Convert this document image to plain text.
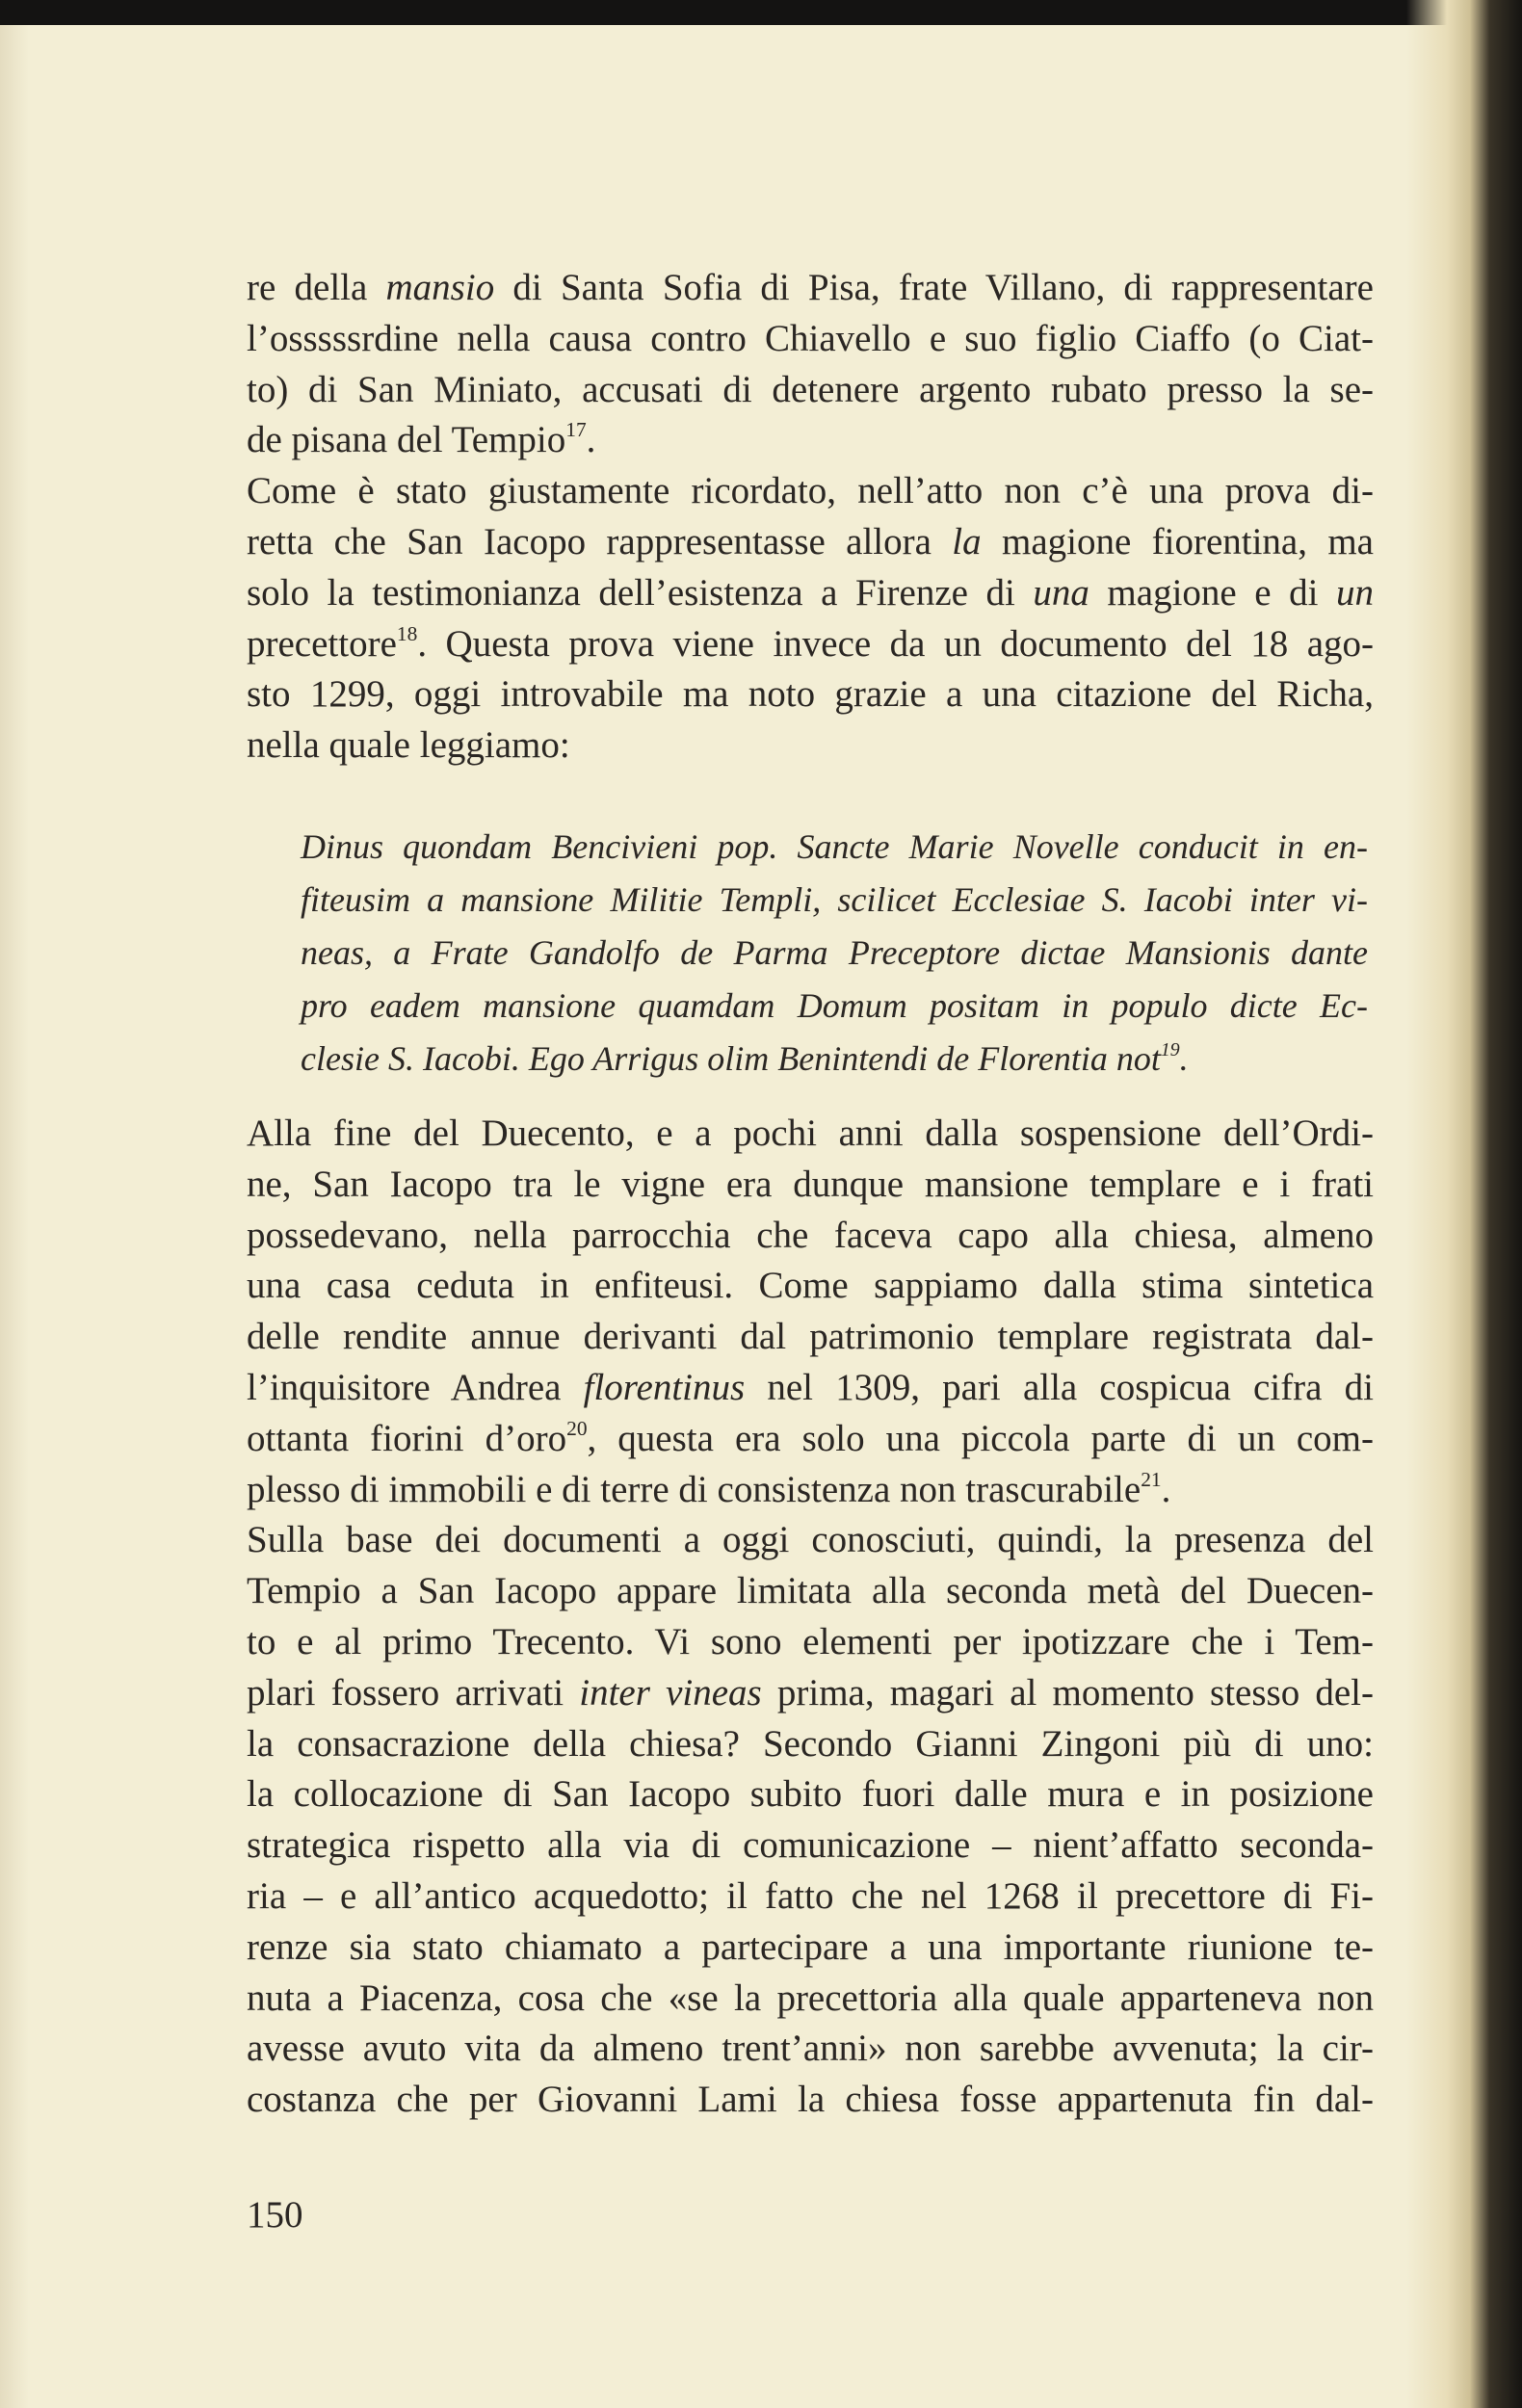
re della mansio di Santa Sofia di Pisa, frate Villano, di rappresentare
l’osssssrdine nella causa contro Chiavello e suo figlio Ciaffo (o Ciat-
to) di San Miniato, accusati di detenere argento rubato presso la se-
de pisana del Tempio$^{17}$.
Come è stato giustamente ricordato, nell’atto non c’è una prova di-
retta che San Iacopo rappresentasse allora la magione fiorentina, ma
solo la testimonianza dell’esistenza a Firenze di una magione e di un
precettore$^{18}$. Questa prova viene invece da un documento del 18 ago-
sto 1299, oggi introvabile ma noto grazie a una citazione del Richa,
nella quale leggiamo:
Dinus quondam Bencivieni pop. Sancte Marie Novelle conducit in en-
fiteusim a mansione Militie Templi, scilicet Ecclesiae S. Iacobi inter vi-
neas, a Frate Gandolfo de Parma Preceptore dictae Mansionis dante
pro eadem mansione quamdam Domum positam in populo dicte Ec-
clesie S. Iacobi. Ego Arrigus olim Benintendi de Florentia not$^{19}$.
Alla fine del Duecento, e a pochi anni dalla sospensione dell’Ordi-
ne, San Iacopo tra le vigne era dunque mansione templare e i frati
possedevano, nella parrocchia che faceva capo alla chiesa, almeno
una casa ceduta in enfiteusi. Come sappiamo dalla stima sintetica
delle rendite annue derivanti dal patrimonio templare registrata dal-
l’inquisitore Andrea florentinus nel 1309, pari alla cospicua cifra di
ottanta fiorini d’oro$^{20}$, questa era solo una piccola parte di un com-
plesso di immobili e di terre di consistenza non trascurabile$^{21}$.
Sulla base dei documenti a oggi conosciuti, quindi, la presenza del
Tempio a San Iacopo appare limitata alla seconda metà del Duecen-
to e al primo Trecento. Vi sono elementi per ipotizzare che i Tem-
plari fossero arrivati inter vineas prima, magari al momento stesso del-
la consacrazione della chiesa? Secondo Gianni Zingoni più di uno:
la collocazione di San Iacopo subito fuori dalle mura e in posizione
strategica rispetto alla via di comunicazione – nient’affatto seconda-
ria – e all’antico acquedotto; il fatto che nel 1268 il precettore di Fi-
renze sia stato chiamato a partecipare a una importante riunione te-
nuta a Piacenza, cosa che «se la precettoria alla quale apparteneva non
avesse avuto vita da almeno trent’anni» non sarebbe avvenuta; la cir-
costanza che per Giovanni Lami la chiesa fosse appartenuta fin dal-
150
